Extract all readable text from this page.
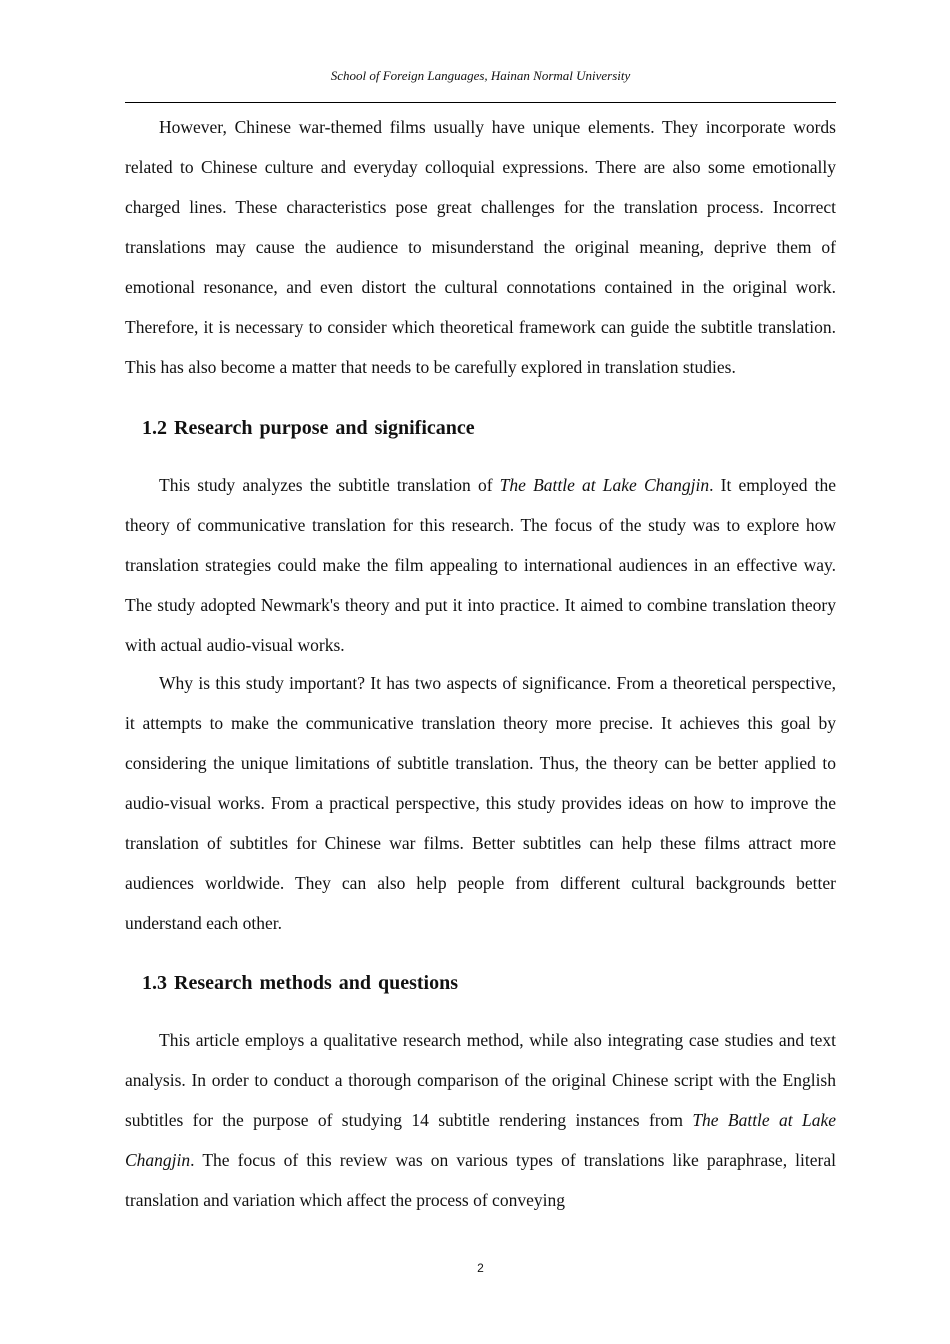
School of Foreign Languages, Hainan Normal University

However, Chinese war-themed films usually have unique elements. They incorporate words related to Chinese culture and everyday colloquial expressions. There are also some emotionally charged lines. These characteristics pose great challenges for the translation process. Incorrect translations may cause the audience to misunderstand the original meaning, deprive them of emotional resonance, and even distort the cultural connotations contained in the original work. Therefore, it is necessary to consider which theoretical framework can guide the subtitle translation. This has also become a matter that needs to be carefully explored in translation studies.

1.2 Research purpose and significance

This study analyzes the subtitle translation of The Battle at Lake Changjin. It employed the theory of communicative translation for this research. The focus of the study was to explore how translation strategies could make the film appealing to international audiences in an effective way. The study adopted Newmark's theory and put it into practice. It aimed to combine translation theory with actual audio-visual works.

Why is this study important? It has two aspects of significance. From a theoretical perspective, it attempts to make the communicative translation theory more precise. It achieves this goal by considering the unique limitations of subtitle translation. Thus, the theory can be better applied to audio-visual works. From a practical perspective, this study provides ideas on how to improve the translation of subtitles for Chinese war films. Better subtitles can help these films attract more audiences worldwide. They can also help people from different cultural backgrounds better understand each other.

1.3 Research methods and questions

This article employs a qualitative research method, while also integrating case studies and text analysis. In order to conduct a thorough comparison of the original Chinese script with the English subtitles for the purpose of studying 14 subtitle rendering instances from The Battle at Lake Changjin. The focus of this review was on various types of translations like paraphrase, literal translation and variation which affect the process of conveying

2
